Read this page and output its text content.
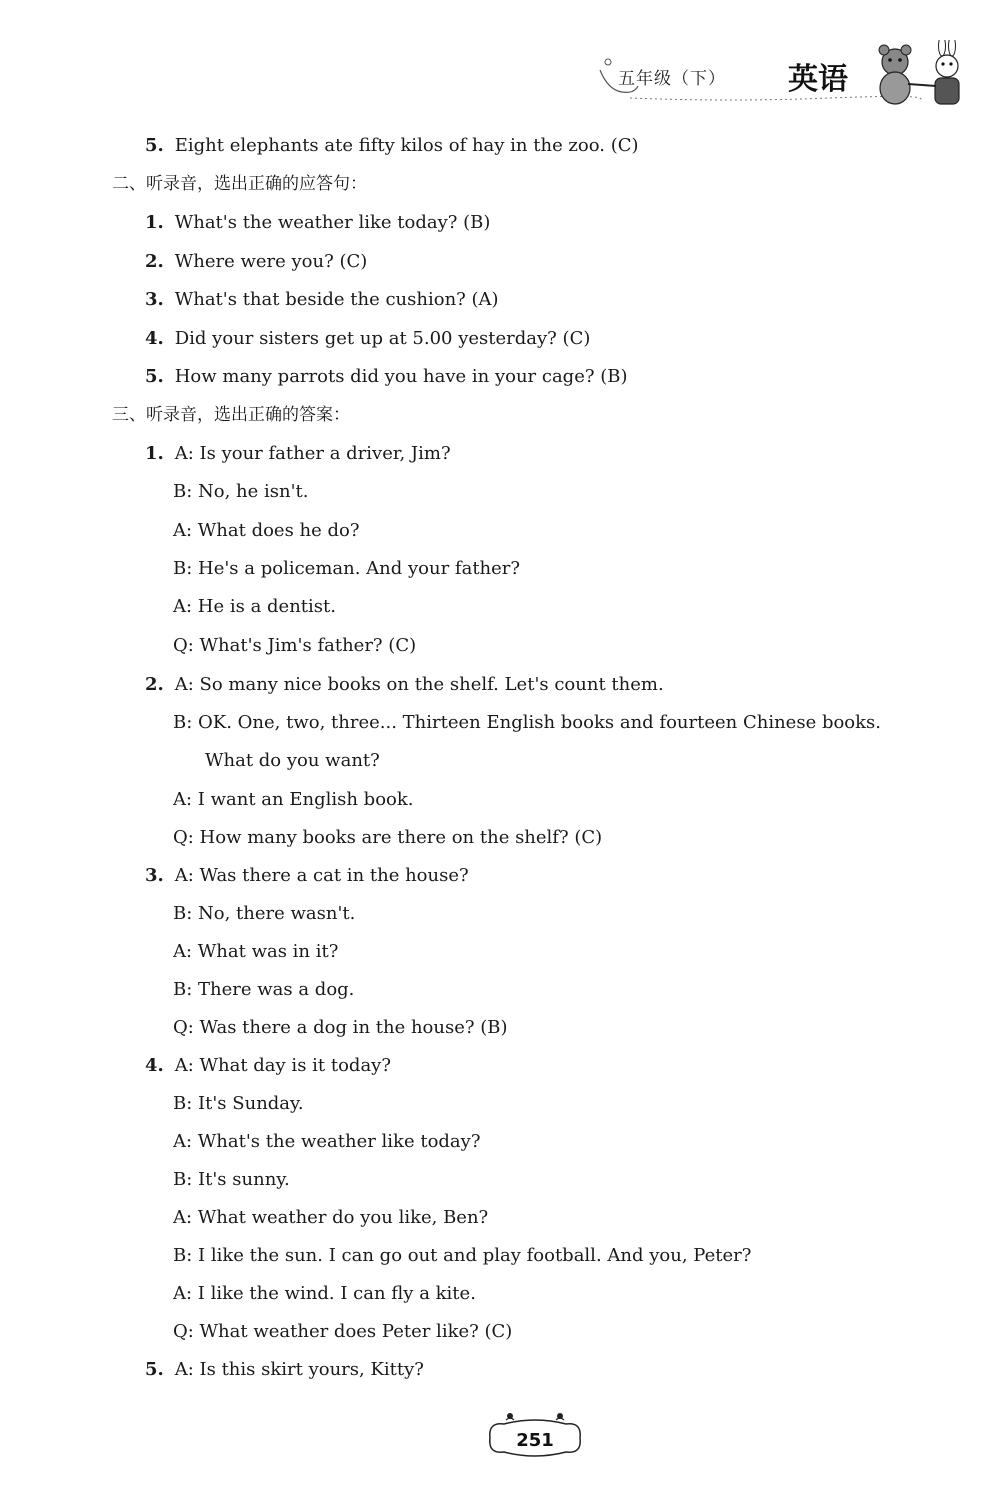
五年级（下） 英语
5. Eight elephants ate fifty kilos of hay in the zoo. (C)
二、听录音，选出正确的应答句：
1. What's the weather like today? (B)
2. Where were you? (C)
3. What's that beside the cushion? (A)
4. Did your sisters get up at 5.00 yesterday? (C)
5. How many parrots did you have in your cage? (B)
三、听录音，选出正确的答案：
1. A: Is your father a driver, Jim?
B: No, he isn't.
A: What does he do?
B: He's a policeman. And your father?
A: He is a dentist.
Q: What's Jim's father? (C)
2. A: So many nice books on the shelf. Let's count them.
B: OK. One, two, three... Thirteen English books and fourteen Chinese books.
What do you want?
A: I want an English book.
Q: How many books are there on the shelf? (C)
3. A: Was there a cat in the house?
B: No, there wasn't.
A: What was in it?
B: There was a dog.
Q: Was there a dog in the house? (B)
4. A: What day is it today?
B: It's Sunday.
A: What's the weather like today?
B: It's sunny.
A: What weather do you like, Ben?
B: I like the sun. I can go out and play football. And you, Peter?
A: I like the wind. I can fly a kite.
Q: What weather does Peter like? (C)
5. A: Is this skirt yours, Kitty?
251
